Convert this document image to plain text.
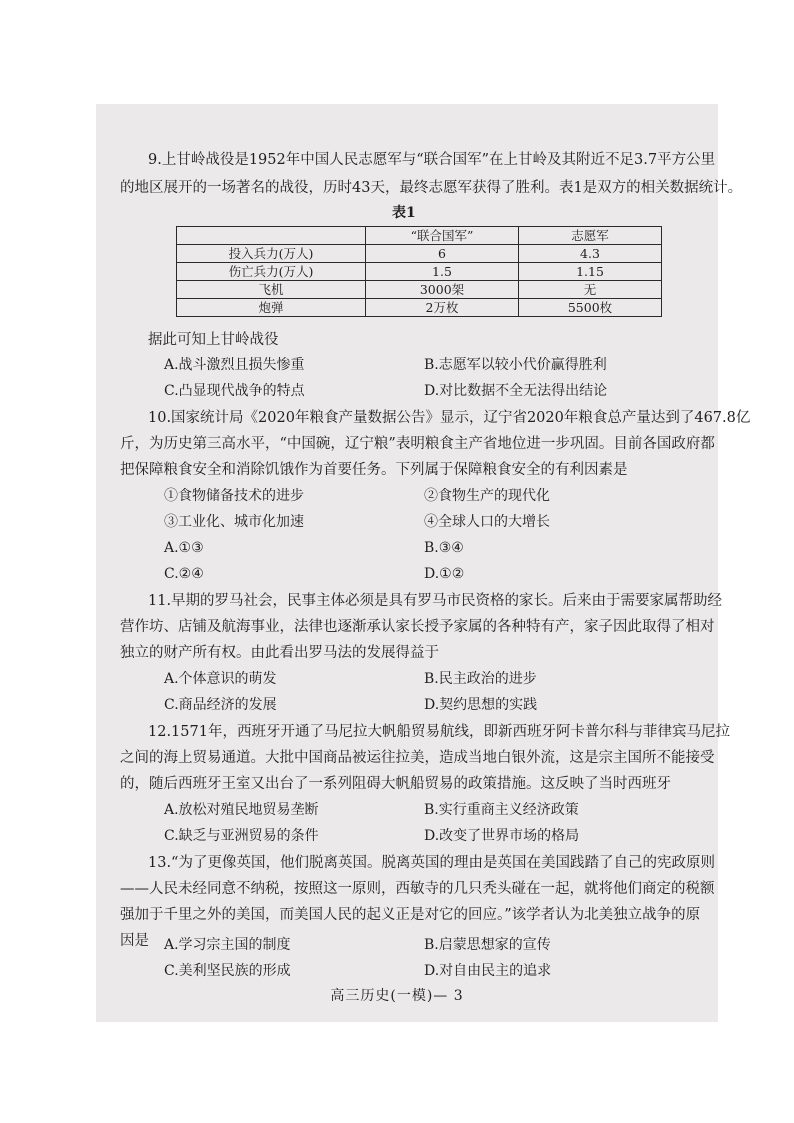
9.上甘岭战役是1952年中国人民志愿军与“联合国军”在上甘岭及其附近不足3.7平方公里

的地区展开的一场著名的战役，历时43天，最终志愿军获得了胜利。表1是双方的相关数据统计。

表1
	“联合国军”	志愿军
投入兵力(万人)	6	4.3
伤亡兵力(万人)	1.5	1.15
飞机	3000架	无
炮弹	2万枚	5500枚

据此可知上甘岭战役

A.战斗激烈且损失惨重	B.志愿军以较小代价赢得胜利
C.凸显现代战争的特点	D.对比数据不全无法得出结论

10.国家统计局《2020年粮食产量数据公告》显示，辽宁省2020年粮食总产量达到了467.8亿

斤，为历史第三高水平，“中国碗，辽宁粮”表明粮食主产省地位进一步巩固。目前各国政府都

把保障粮食安全和消除饥饿作为首要任务。下列属于保障粮食安全的有利因素是

①食物储备技术的进步	②食物生产的现代化
③工业化、城市化加速	④全球人口的大增长
A.①③	B.③④
C.②④	D.①②

11.早期的罗马社会，民事主体必须是具有罗马市民资格的家长。后来由于需要家属帮助经

营作坊、店铺及航海事业，法律也逐渐承认家长授予家属的各种特有产，家子因此取得了相对

独立的财产所有权。由此看出罗马法的发展得益于

A.个体意识的萌发	B.民主政治的进步
C.商品经济的发展	D.契约思想的实践

12.1571年，西班牙开通了马尼拉大帆船贸易航线，即新西班牙阿卡普尔科与菲律宾马尼拉

之间的海上贸易通道。大批中国商品被运往拉美，造成当地白银外流，这是宗主国所不能接受

的，随后西班牙王室又出台了一系列阻碍大帆船贸易的政策措施。这反映了当时西班牙

A.放松对殖民地贸易垄断	B.实行重商主义经济政策
C.缺乏与亚洲贸易的条件	D.改变了世界市场的格局

13.“为了更像英国，他们脱离英国。脱离英国的理由是英国在美国践踏了自己的宪政原则

——人民未经同意不纳税，按照这一原则，西敏寺的几只秃头碰在一起，就将他们商定的税额

强加于千里之外的美国，而美国人民的起义正是对它的回应。”该学者认为北美独立战争的原

因是 A.学习宗主国的制度	B.启蒙思想家的宣传
C.美利坚民族的形成	D.对自由民主的追求
高三历史(一模)— 3
